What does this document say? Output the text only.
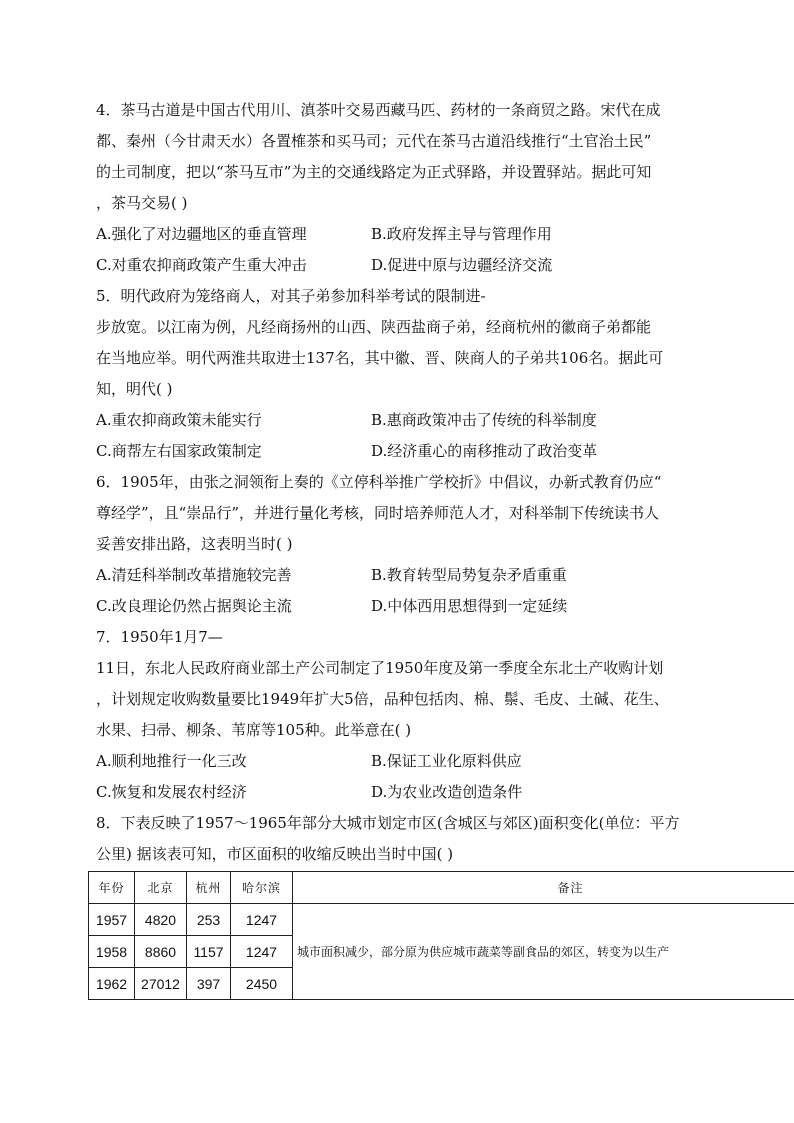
4．茶马古道是中国古代用川、滇茶叶交易西藏马匹、药材的一条商贸之路。宋代在成
都、秦州（今甘肃天水）各置榷茶和买马司；元代在茶马古道沿线推行“土官治土民”
的土司制度，把以“茶马互市”为主的交通线路定为正式驿路，并设置驿站。据此可知
，茶马交易( )
A.强化了对边疆地区的垂直管理	B.政府发挥主导与管理作用
C.对重农抑商政策产生重大冲击	D.促进中原与边疆经济交流
5．明代政府为笼络商人，对其子弟参加科举考试的限制进-
步放宽。以江南为例，凡经商扬州的山西、陕西盐商子弟，经商杭州的徽商子弟都能
在当地应举。明代两淮共取进士137名，其中徽、晋、陕商人的子弟共106名。据此可
知，明代( )
A.重农抑商政策未能实行	B.惠商政策冲击了传统的科举制度
C.商帮左右国家政策制定	D.经济重心的南移推动了政治变革
6．1905年，由张之洞领衔上奏的《立停科举推广学校折》中倡议，办新式教育仍应“
尊经学”，且“崇品行”，并进行量化考核，同时培养师范人才，对科举制下传统读书人
妥善安排出路，这表明当时( )
A.清廷科举制改革措施较完善	B.教育转型局势复杂矛盾重重
C.改良理论仍然占据舆论主流	D.中体西用思想得到一定延续
7．1950年1月7—
11日，东北人民政府商业部土产公司制定了1950年度及第一季度全东北土产收购计划
，计划规定收购数量要比1949年扩大5倍，品种包括肉、棉、鬃、毛皮、土碱、花生、
水果、扫帚、柳条、苇席等105种。此举意在( )
A.顺利地推行一化三改	B.保证工业化原料供应
C.恢复和发展农村经济	D.为农业改造创造条件
8．下表反映了1957～1965年部分大城市划定市区(含城区与郊区)面积变化(单位：平方
公里) 据该表可知，市区面积的收缩反映出当时中国( )
年份	北京	杭州	哈尔滨	备注
1957	4820	253	1247	城市面积减少，部分原为供应城市蔬菜等副食品的郊区，转变为以生产
1958	8860	1157	1247	
1962	27012	397	2450	
